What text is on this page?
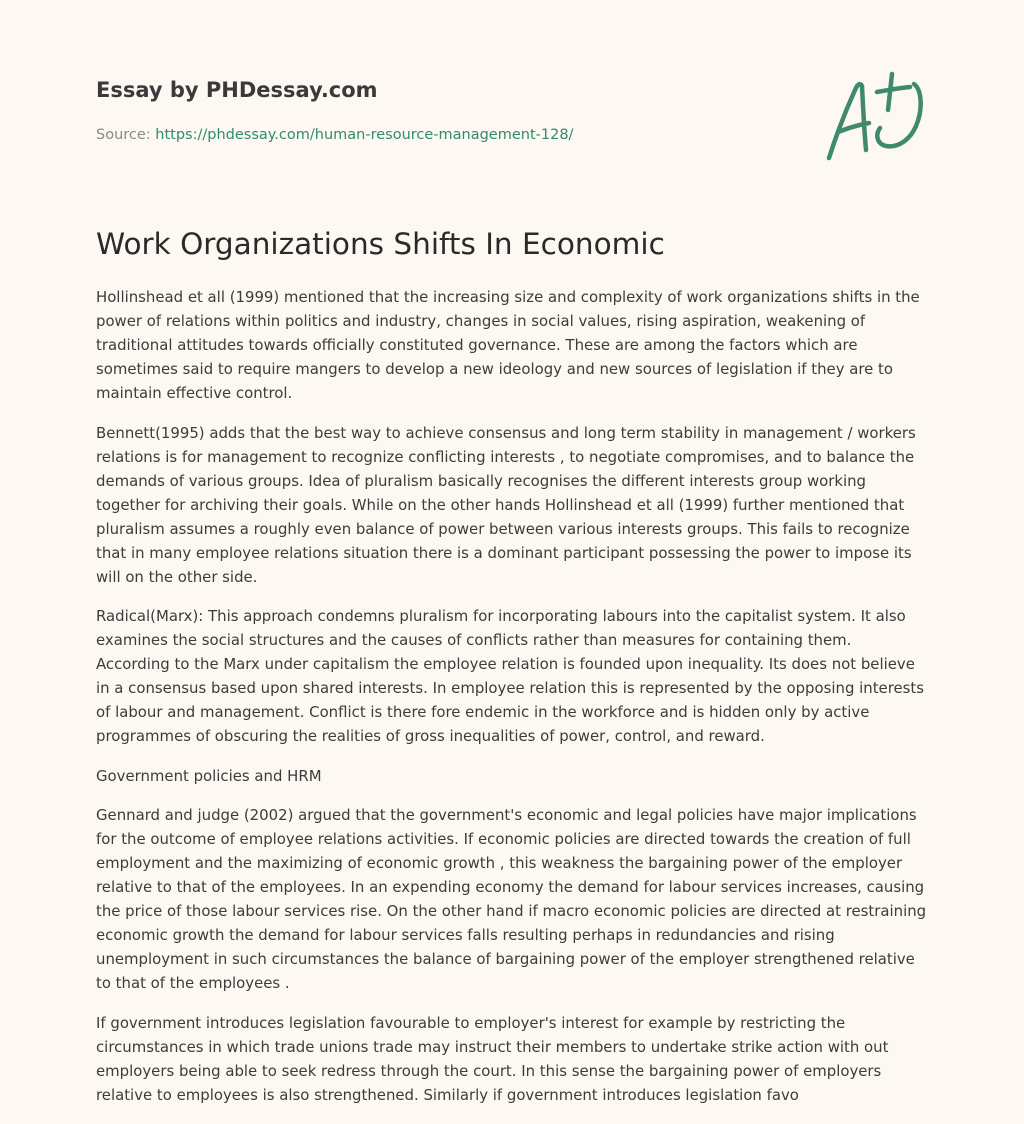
Essay by PHDessay.com
Source: https://phdessay.com/human-resource-management-128/
Work Organizations Shifts In Economic

Hollinshead et all (1999) mentioned that the increasing size and complexity of work organizations shifts in the power of relations within politics and industry, changes in social values, rising aspiration, weakening of traditional attitudes towards officially constituted governance. These are among the factors which are sometimes said to require mangers to develop a new ideology and new sources of legislation if they are to maintain effective control.

Bennett(1995) adds that the best way to achieve consensus and long term stability in management / workers relations is for management to recognize conflicting interests , to negotiate compromises, and to balance the demands of various groups. Idea of pluralism basically recognises the different interests group working together for archiving their goals. While on the other hands Hollinshead et all (1999) further mentioned that pluralism assumes a roughly even balance of power between various interests groups. This fails to recognize that in many employee relations situation there is a dominant participant possessing the power to impose its will on the other side.

Radical(Marx): This approach condemns pluralism for incorporating labours into the capitalist system. It also examines the social structures and the causes of conflicts rather than measures for containing them. According to the Marx under capitalism the employee relation is founded upon inequality. Its does not believe in a consensus based upon shared interests. In employee relation this is represented by the opposing interests of labour and management. Conflict is there fore endemic in the workforce and is hidden only by active programmes of obscuring the realities of gross inequalities of power, control, and reward.

Government policies and HRM

Gennard and judge (2002) argued that the government's economic and legal policies have major implications for the outcome of employee relations activities. If economic policies are directed towards the creation of full employment and the maximizing of economic growth , this weakness the bargaining power of the employer relative to that of the employees. In an expending economy the demand for labour services increases, causing the price of those labour services rise. On the other hand if macro economic policies are directed at restraining economic growth the demand for labour services falls resulting perhaps in redundancies and rising unemployment in such circumstances the balance of bargaining power of the employer strengthened relative to that of the employees .

If government introduces legislation favourable to employer's interest for example by restricting the circumstances in which trade unions trade may instruct their members to undertake strike action with out employers being able to seek redress through the court. In this sense the bargaining power of employers relative to employees is also strengthened. Similarly if government introduces legislation favo
